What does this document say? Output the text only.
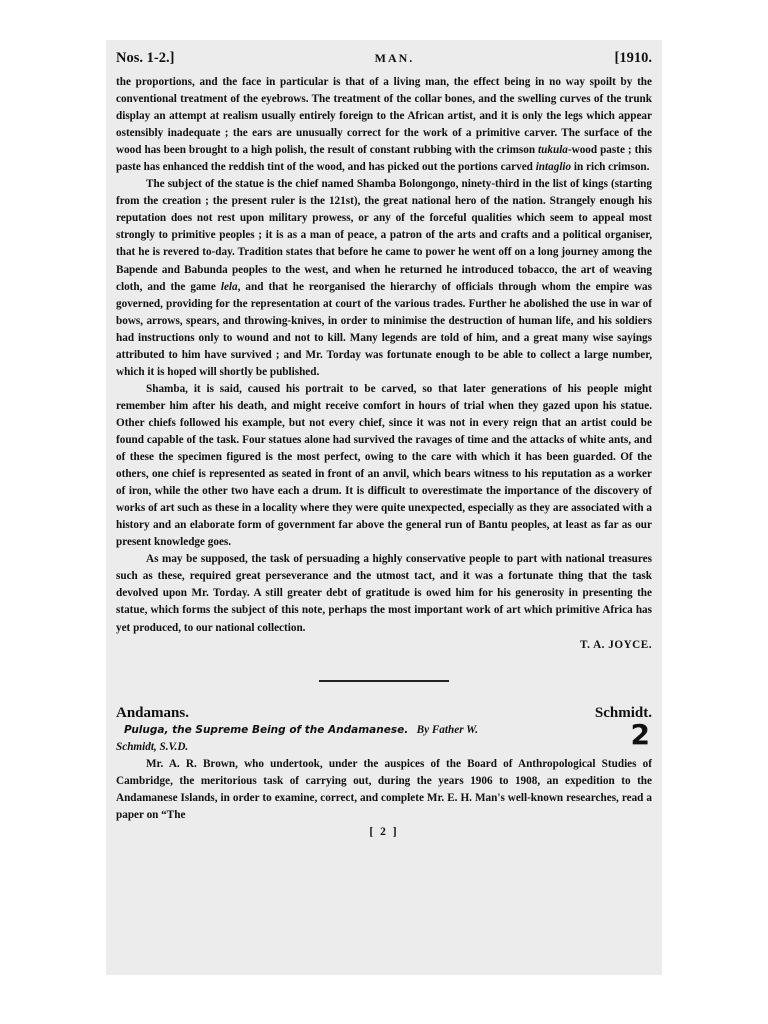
Nos. 1-2.]	MAN.	[1910.

the proportions, and the face in particular is that of a living man, the effect being in no way spoilt by the conventional treatment of the eyebrows. The treatment of the collar bones, and the swelling curves of the trunk display an attempt at realism usually entirely foreign to the African artist, and it is only the legs which appear ostensibly inadequate ; the ears are unusually correct for the work of a primitive carver. The surface of the wood has been brought to a high polish, the result of constant rubbing with the crimson tukula-wood paste ; this paste has enhanced the reddish tint of the wood, and has picked out the portions carved intaglio in rich crimson.

The subject of the statue is the chief named Shamba Bolongongo, ninety-third in the list of kings (starting from the creation ; the present ruler is the 121st), the great national hero of the nation. Strangely enough his reputation does not rest upon military prowess, or any of the forceful qualities which seem to appeal most strongly to primitive peoples ; it is as a man of peace, a patron of the arts and crafts and a political organiser, that he is revered to-day. Tradition states that before he came to power he went off on a long journey among the Bapende and Babunda peoples to the west, and when he returned he introduced tobacco, the art of weaving cloth, and the game lela, and that he reorganised the hierarchy of officials through whom the empire was governed, providing for the representation at court of the various trades. Further he abolished the use in war of bows, arrows, spears, and throwing-knives, in order to minimise the destruction of human life, and his soldiers had instructions only to wound and not to kill. Many legends are told of him, and a great many wise sayings attributed to him have survived ; and Mr. Torday was fortunate enough to be able to collect a large number, which it is hoped will shortly be published.

Shamba, it is said, caused his portrait to be carved, so that later generations of his people might remember him after his death, and might receive comfort in hours of trial when they gazed upon his statue. Other chiefs followed his example, but not every chief, since it was not in every reign that an artist could be found capable of the task. Four statues alone had survived the ravages of time and the attacks of white ants, and of these the specimen figured is the most perfect, owing to the care with which it has been guarded. Of the others, one chief is represented as seated in front of an anvil, which bears witness to his reputation as a worker of iron, while the other two have each a drum. It is difficult to overestimate the importance of the discovery of works of art such as these in a locality where they were quite unexpected, especially as they are associated with a history and an elaborate form of government far above the general run of Bantu peoples, at least as far as our present knowledge goes.

As may be supposed, the task of persuading a highly conservative people to part with national treasures such as these, required great perseverance and the utmost tact, and it was a fortunate thing that the task devolved upon Mr. Torday. A still greater debt of gratitude is owed him for his generosity in presenting the statue, which forms the subject of this note, perhaps the most important work of art which primitive Africa has yet produced, to our national collection.

T. A. JOYCE.
Andamans.	Schmidt.
Puluga, the Supreme Being of the Andamanese. By Father W.	2

Schmidt, S.V.D.

Mr. A. R. Brown, who undertook, under the auspices of the Board of Anthropological Studies of Cambridge, the meritorious task of carrying out, during the years 1906 to 1908, an expedition to the Andamanese Islands, in order to examine, correct, and complete Mr. E. H. Man's well-known researches, read a paper on “The

[ 2 ]
